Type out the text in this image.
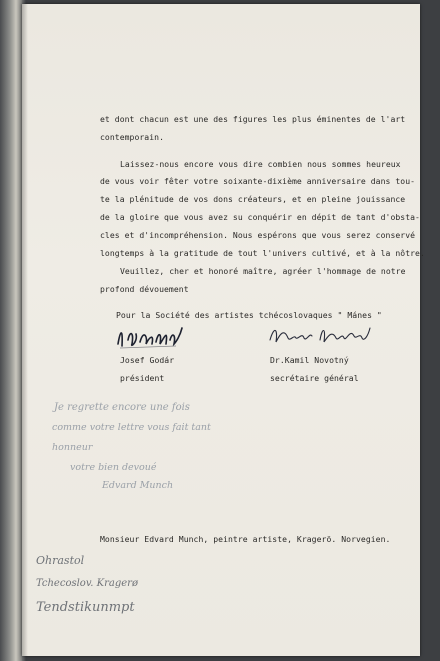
et dont chacun est une des figures les plus éminentes de l'art
contemporain.
Laissez-nous encore vous dire combien nous sommes heureux
de vous voir fêter votre soixante-dixième anniversaire dans tou-
te la plénitude de vos dons créateurs, et en pleine jouissance
de la gloire que vous avez su conquérir en dépit de tant d'obsta-
cles et d'incompréhension. Nous espérons que vous serez conservé
longtemps à la gratitude de tout l'univers cultivé, et à la nôtre.
Veuillez, cher et honoré maître, agréer l'hommage de notre
profond dévouement
Pour la Société des artistes tchécoslovaques " Mánes "
Josef Godár
président
Dr.Kamil Novotný
secrétaire général
Monsieur Edvard Munch, peintre artiste, Kragerö. Norvegien.
Je regrette encore une fois
comme votre lettre vous fait tant
honneur
votre bien devoué
Edvard Munch
Ohrastol
Tchecoslov. Kragerø
Tendstikunmpt
